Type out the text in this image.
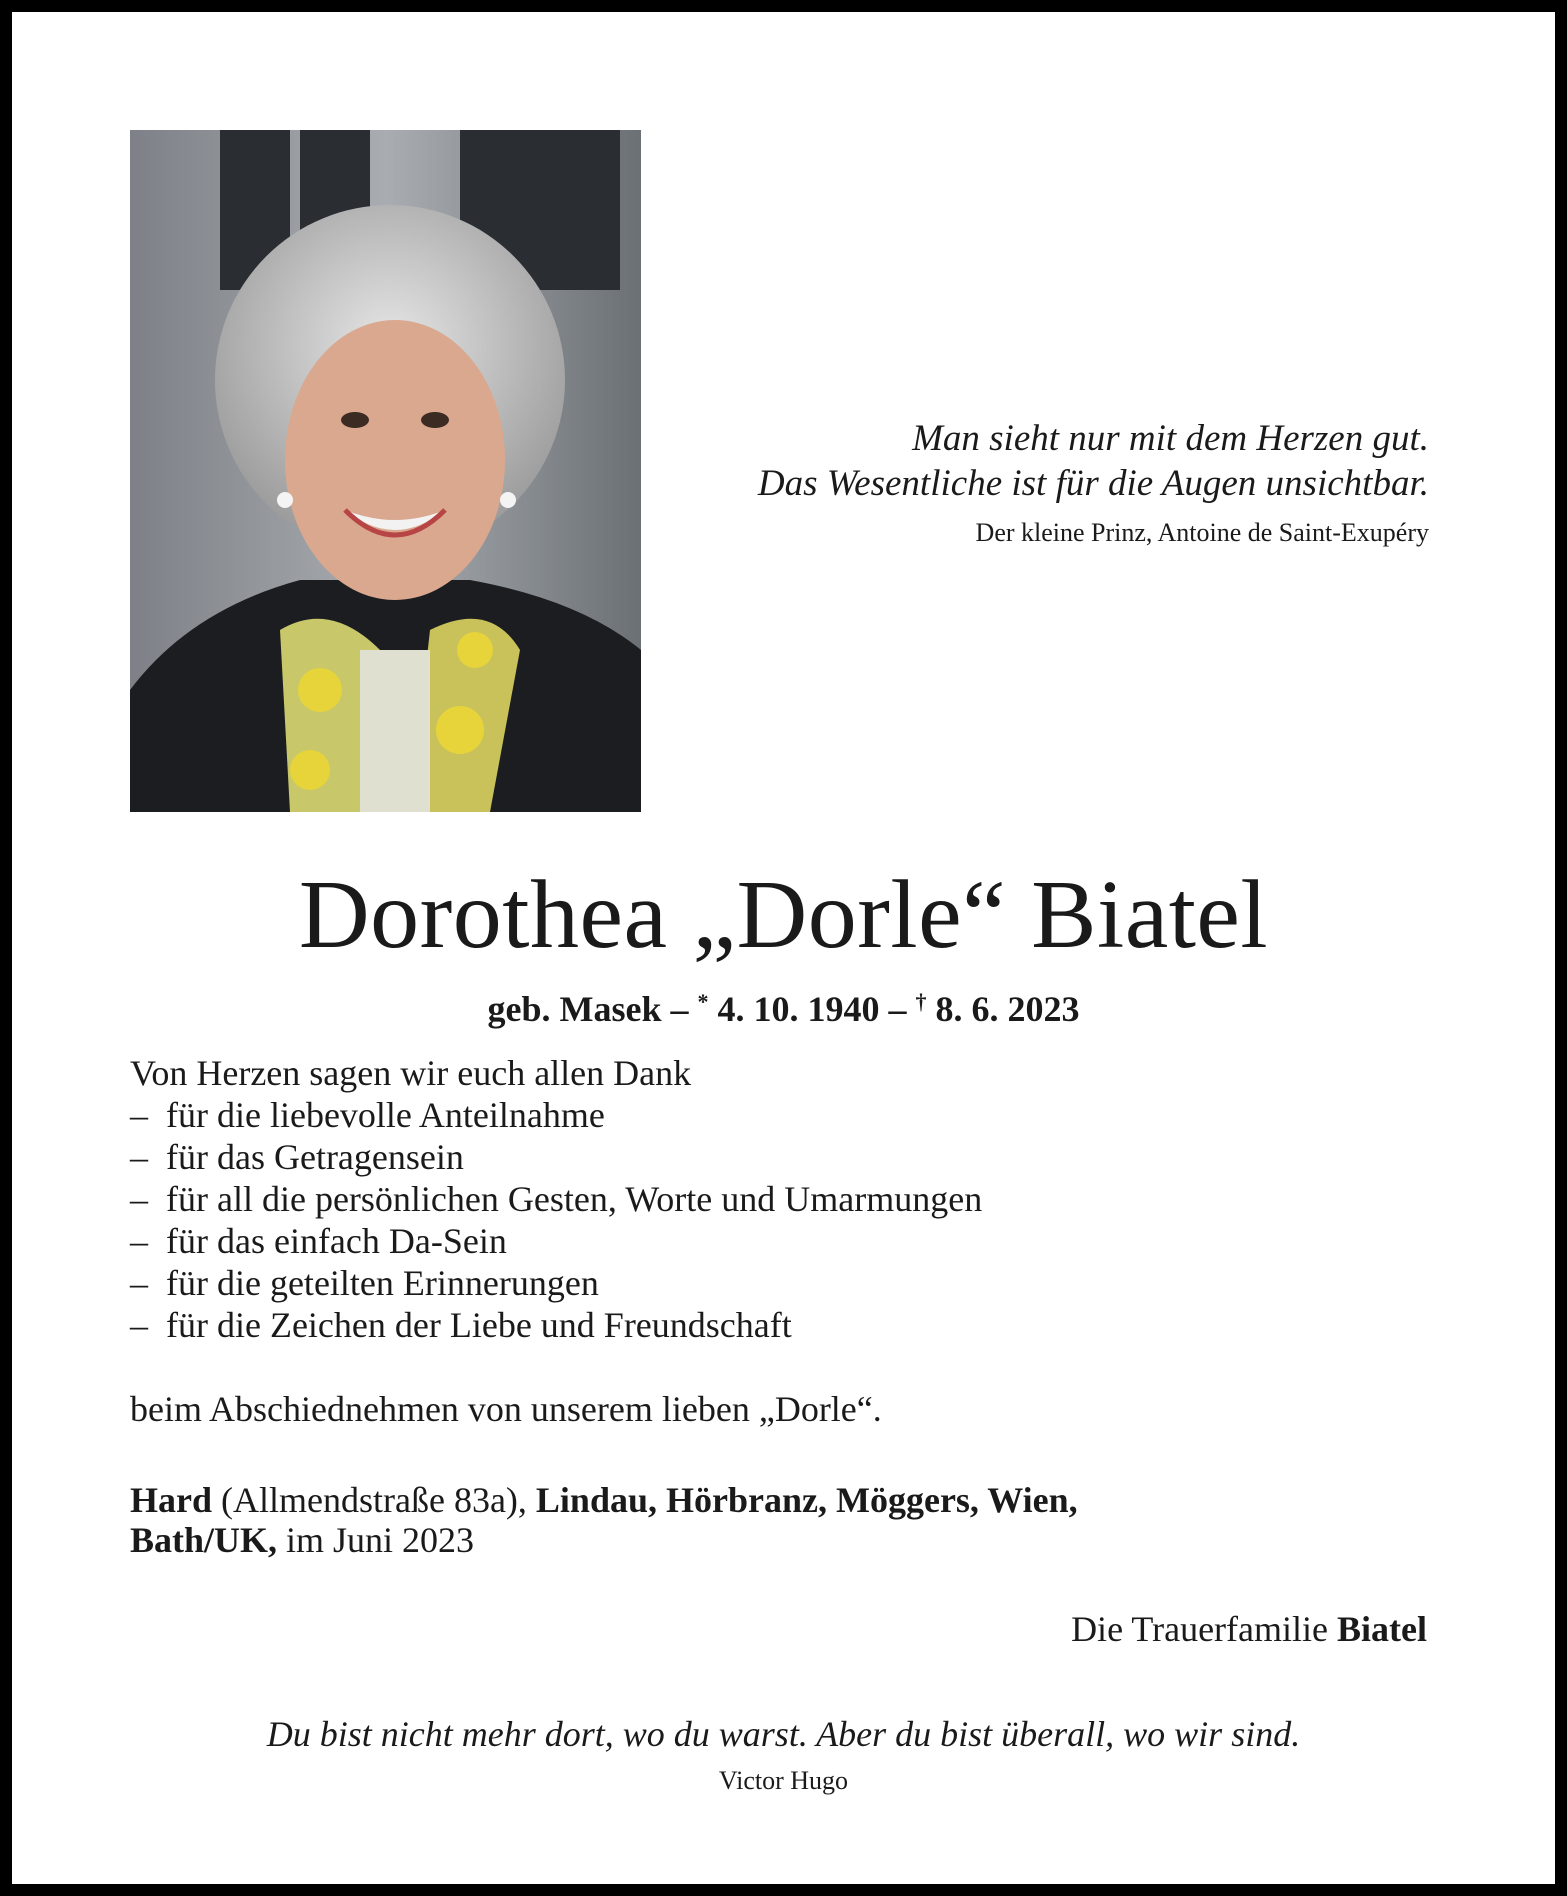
Man sieht nur mit dem Herzen gut.
Das Wesentliche ist für die Augen unsichtbar.
Der kleine Prinz, Antoine de Saint-Exupéry
Dorothea „Dorle“ Biatel
geb. Masek – * 4. 10. 1940 – † 8. 6. 2023

Von Herzen sagen wir euch allen Dank

– für die liebevolle Anteilnahme
– für das Getragensein
– für all die persönlichen Gesten, Worte und Umarmungen
– für das einfach Da-Sein
– für die geteilten Erinnerungen
– für die Zeichen der Liebe und Freundschaft

beim Abschiednehmen von unserem lieben „Dorle“.

Hard (Allmendstraße 83a), Lindau, Hörbranz, Möggers, Wien,
Bath/UK, im Juni 2023
Die Trauerfamilie Biatel
Du bist nicht mehr dort, wo du warst. Aber du bist überall, wo wir sind.
Victor Hugo
